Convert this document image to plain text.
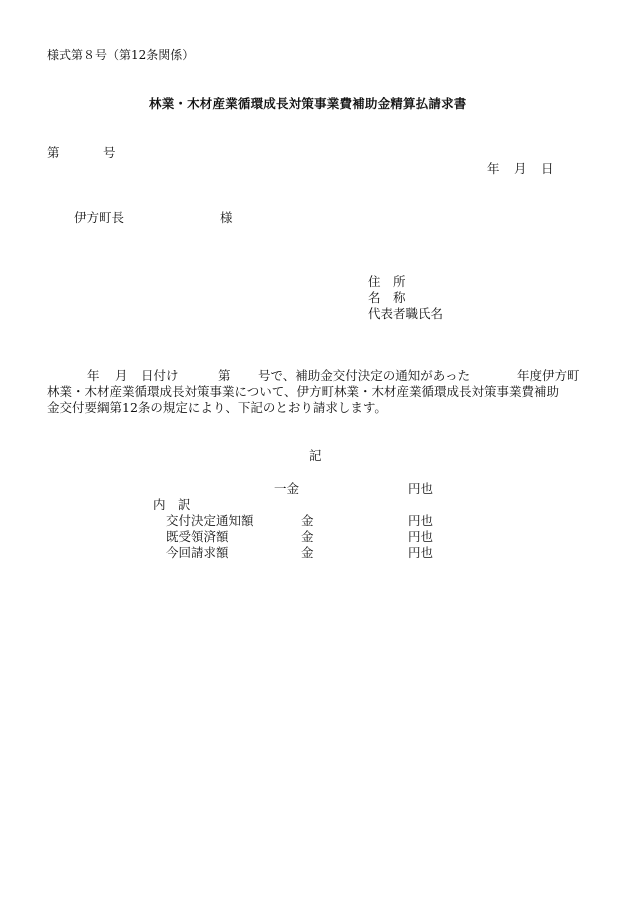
様式第８号（第12条関係）
林業・木材産業循環成長対策事業費補助金精算払請求書
第	号
年 月 日
伊方町長	様
住　所
名　称
代表者職氏名
年 月 日付け	第 号で、補助金交付決定の通知があった	年度伊方町
林業・木材産業循環成長対策事業について、伊方町林業・木材産業循環成長対策事業費補助
金交付要綱第12条の規定により、下記のとおり請求します。
記
一金	円也
内　訳
交付決定通知額	金	円也
既受領済額	金	円也
今回請求額	金	円也
